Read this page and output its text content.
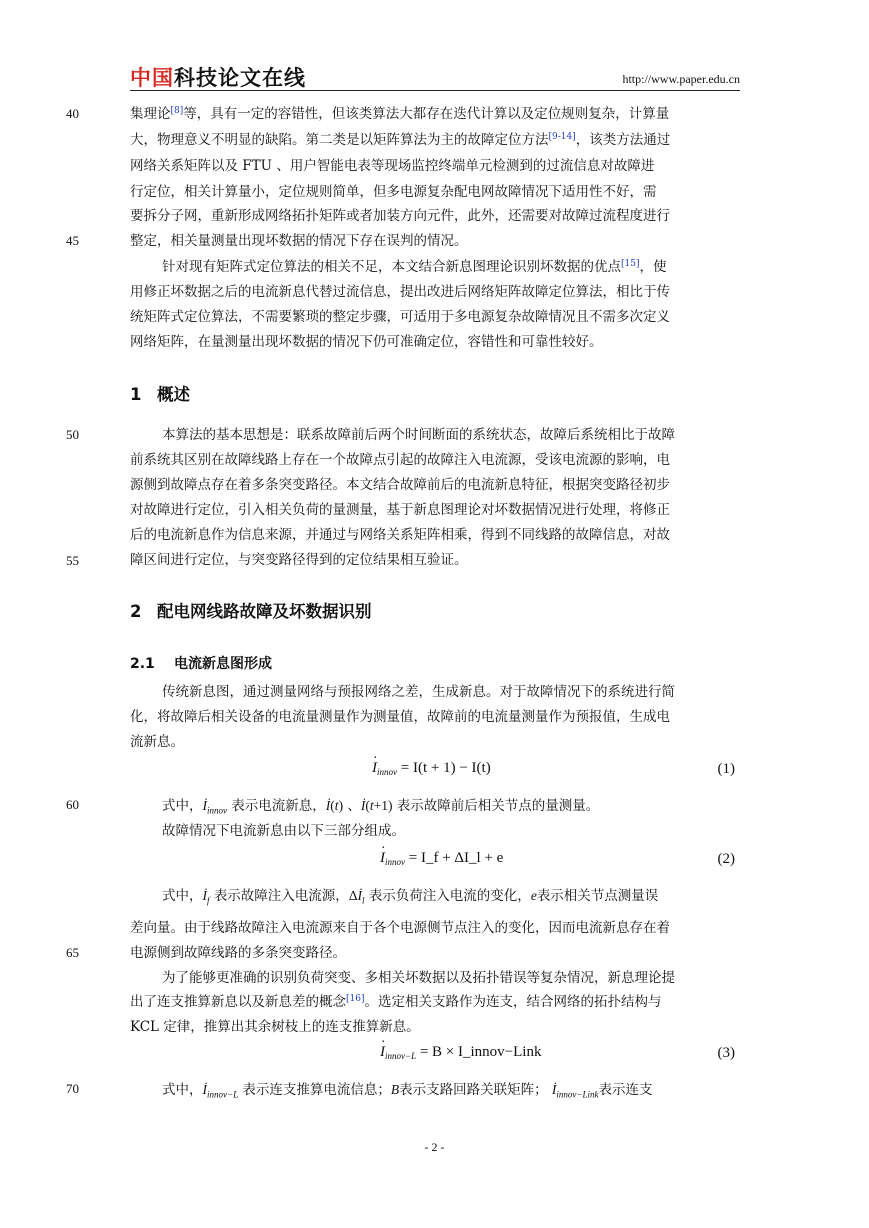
中国科技论文在线	http://www.paper.edu.cn
40
45
50
55
60
65
70
集理论[8]等，具有一定的容错性，但该类算法大都存在迭代计算以及定位规则复杂，计算量
大，物理意义不明显的缺陷。第二类是以矩阵算法为主的故障定位方法[9-14]，该类方法通过
网络关系矩阵以及 FTU 、用户智能电表等现场监控终端单元检测到的过流信息对故障进
行定位，相关计算量小，定位规则简单，但多电源复杂配电网故障情况下适用性不好，需
要拆分子网，重新形成网络拓扑矩阵或者加装方向元件，此外，还需要对故障过流程度进行
整定，相关量测量出现坏数据的情况下存在误判的情况。
针对现有矩阵式定位算法的相关不足，本文结合新息图理论识别坏数据的优点[15]，使
用修正坏数据之后的电流新息代替过流信息，提出改进后网络矩阵故障定位算法，相比于传
统矩阵式定位算法，不需要繁琐的整定步骤，可适用于多电源复杂故障情况且不需多次定义
网络矩阵，在量测量出现坏数据的情况下仍可准确定位，容错性和可靠性较好。
1 概述
本算法的基本思想是：联系故障前后两个时间断面的系统状态，故障后系统相比于故障
前系统其区别在故障线路上存在一个故障点引起的故障注入电流源，受该电流源的影响，电
源侧到故障点存在着多条突变路径。本文结合故障前后的电流新息特征，根据突变路径初步
对故障进行定位，引入相关负荷的量测量，基于新息图理论对坏数据情况进行处理，将修正
后的电流新息作为信息来源，并通过与网络关系矩阵相乘，得到不同线路的故障信息，对故
障区间进行定位，与突变路径得到的定位结果相互验证。
2 配电网线路故障及坏数据识别
2.1 电流新息图形成
传统新息图，通过测量网络与预报网络之差，生成新息。对于故障情况下的系统进行简
化，将故障后相关设备的电流量测量作为测量值，故障前的电流量测量作为预报值，生成电
流新息。
· $I_{innov} = I(t + 1) - I(t)$	(1)
式中，$İ_{innov}$ 表示电流新息，İ(t) 、İ(t+1) 表示故障前后相关节点的量测量。
故障情况下电流新息由以下三部分组成。
· $I_{innov}$ = I_f + ΔI_l + e	(2)
式中，$İ_f$ 表示故障注入电流源，$\Delta İ_l$ 表示负荷注入电流的变化，e表示相关节点测量误
差向量。由于线路故障注入电流源来自于各个电源侧节点注入的变化，因而电流新息存在着
电源侧到故障线路的多条突变路径。
为了能够更准确的识别负荷突变、多相关坏数据以及拓扑错误等复杂情况，新息理论提
出了连支推算新息以及新息差的概念[16]。选定相关支路作为连支，结合网络的拓扑结构与
KCL 定律，推算出其余树枝上的连支推算新息。
· $I_{innov-L} = B$ × I_innov−Link	(3)
式中，$İ_{innov-L}$ 表示连支推算电流信息；B表示支路回路关联矩阵； $İ_{innov-Link}$表示连支
- 2 -
